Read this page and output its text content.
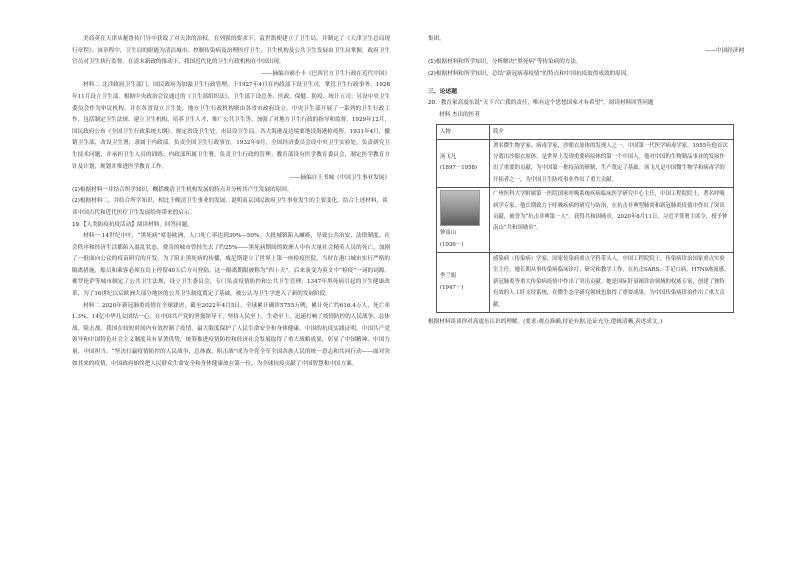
美商英在天津从秘鲁传门导中获取了对天津的治权。在列强的要求下，袁世凯便建立了卫生局，并制定了《天津卫生总局现行章程》。该章程中，卫生局的职能为清洁城市、控制传染病及治理医疗卫生，卫生机构及公共卫生发展由卫生局掌握，政府卫生官员对卫生执行监督。在清末新政的推动下，我国近代化的卫生行政机构在中国出现。

——摘编自郝小卡《巴西官方卫生行政在近代中国》

材料二 北洋政府卫生部门，国民政府为加强卫生行政管理，于1927年4月在内政部下设卫生司，掌管卫生行政事务。1928年11月设立卫生部。根据中央政治会议通过的《卫生部组织法》，卫生部下设总务、医政、保健、防疫、统计五司；另设中央卫生委员会作为审议机构，并在各省设立卫生处，地方卫生行政机构则由各省市政府设立。中央卫生部开展了一系列的卫生行政工作，包括制定卫生法规、建立卫生机构、培养卫生人才、推广公共卫生等，加强了对地方卫生行政的指导和监督。1929年12月，国民政府公布《全国卫生行政系统大纲》，规定省设卫生处，市县设卫生局。各大海港及边境要地设海港检疫所。1931年4月，撤销卫生部，改设卫生署，隶属于内政部，负责全国卫生行政事宜。1932年9月，全国经济委员会设中央卫生实验处，负责研究卫生技术问题，并承担卫生人员的训练；内政部所属卫生署，负责卫生行政的管理；教育部设有医学教育委员会，制定医学教育方针及计划，规划并推进医学教育工作。

——摘编自王书城《中国卫生事业发展》

(1)根据材料一并结合所学知识，概括晚清卫生机构发展的特点并分析其产生发展的原因。

(2)根据材料二，并结合所学知识，相比于晚清卫生事业的发展，说明南京国民政府卫生事业发生的主要变化。结合上述材料，谈谈中国古代和近代医疗卫生发展给你带来的启示。

19.【人类防疫抗疫活动】阅读材料，回答问题。

材料一 14世纪中叶，“黑死病”席卷欧洲，人口死亡率达到30%—50%。大批城镇陷入瘫痪，导致公共治安、法律制度、社会秩序和经济生活都陷入混乱状态。费奇的城市曾经失去了约25%——黑死病期间的欧洲人中有大量社会精英人员的死亡，加剧了一批面向公众的疫苗研究的开发。为了阻止黑死病的传播，威尼斯建立了世界上第一座检疫医院，当时在港口城市实行严格的隔离措施，船员和乘客必须在岛上停留40天后方可登陆。这一隔离期限被称为“四十天”，后来演变为英文中“检疫”一词的词源。佛罗伦萨等城市制定了公共卫生法规，设立卫生委员会，专门负责疫情防控和公共卫生管理；1347年黑死病引起的卫生健康改革，为了16世纪以后欧洲大部分地区的公共卫生制度奠定了基础，被公认为卫生学进入了新的发展阶段。

材料二 2020年新冠肺炎疫情在全球肆虐，截至2022年4月5日，全球累计确诊5755万例，累计死亡约616.4万人，死亡率1.3%。14亿中华儿女团结一心，在中国共产党的坚强领导下，坚持人民至上、生命至上，迅速打响了疫情防控的人民战争、总体战、阻击战。我国在较短时间内有效控制了疫情，最大限度保护了人民生命安全和身体健康。中国的抗疫实践证明，中国共产党领导和中国特色社会主义制度具有显著优势，统筹推进疫情防控和经济社会发展取得了重大战略成果，彰显了中国精神、中国力量、中国担当。“坚决打赢疫情防控的人民战争、总体战、阻击战”成为全党全军全国各族人民的统一意志和共同行动——面对突如其来的疫情，中国政府始终把人民群众生命安全和身体健康放在第一位，为全球抗疫贡献了中国智慧和中国方案。

集团。

——中国经济网

(1)根据材料和所学知识，分析解决“黑死病”等传染病的方法。

(2)根据材料和所学知识，总结“新冠病毒疫情”的特点和中国抗疫取得成效的原因。

三、论述题

20．教育家高震东说“天下兴亡我的责任，唯有这个思想国家才有希望”。阅读材料回答问题

材料 杰出的医者

人物	简介

汤飞凡
(1897－1958)	著名微生物学家、病毒学家，沙眼衣原体的发现人之一。中国第一代医学病毒学家。1955年他首次分离出沙眼衣原体，是世界上发现重要病原体的第一个中国人。他对中国的生物制品事业的发展作出了重要的贡献，为中国第一批疫苗的研制、生产奠定了基础。汤飞凡是中国微生物学和病毒学的开拓者之一，为中国卫生防疫事业作出了重大贡献。

钟南山
(1936－)	广州医科大学附属第一医院国家呼吸系统疾病临床医学研究中心主任，中国工程院院士，著名呼吸病学专家。他长期致力于呼吸疾病的研究与防治，在抗击非典型肺炎和新冠肺炎疫情中作出了突出贡献，被誉为“抗击非典第一人”。获得共和国勋章，2020年8月11日，习近平签署主席令，授予钟南山“共和国勋章”。

李兰娟
(1947－)	感染病（传染病）学家，国家传染病重点学科带头人，中国工程院院士，传染病诊治国家重点实验室主任。她长期从事传染病临床诊疗、研究和教学工作，在抗击SARS、手足口病、H7N9禽流感、新冠肺炎等重大传染病疫情中作出了突出贡献。她是国际肝衰竭诊治领域的权威专家，创建了独特有效的人工肝支持系统，在微生态学研究领域也取得了重要成果，为中国传染病诊治作出了重大贡献。

根据材料谈谈你对高震东认识的理解。(要求:观点准确,持论有据,论证充分,逻辑清晰,表述成文。)
